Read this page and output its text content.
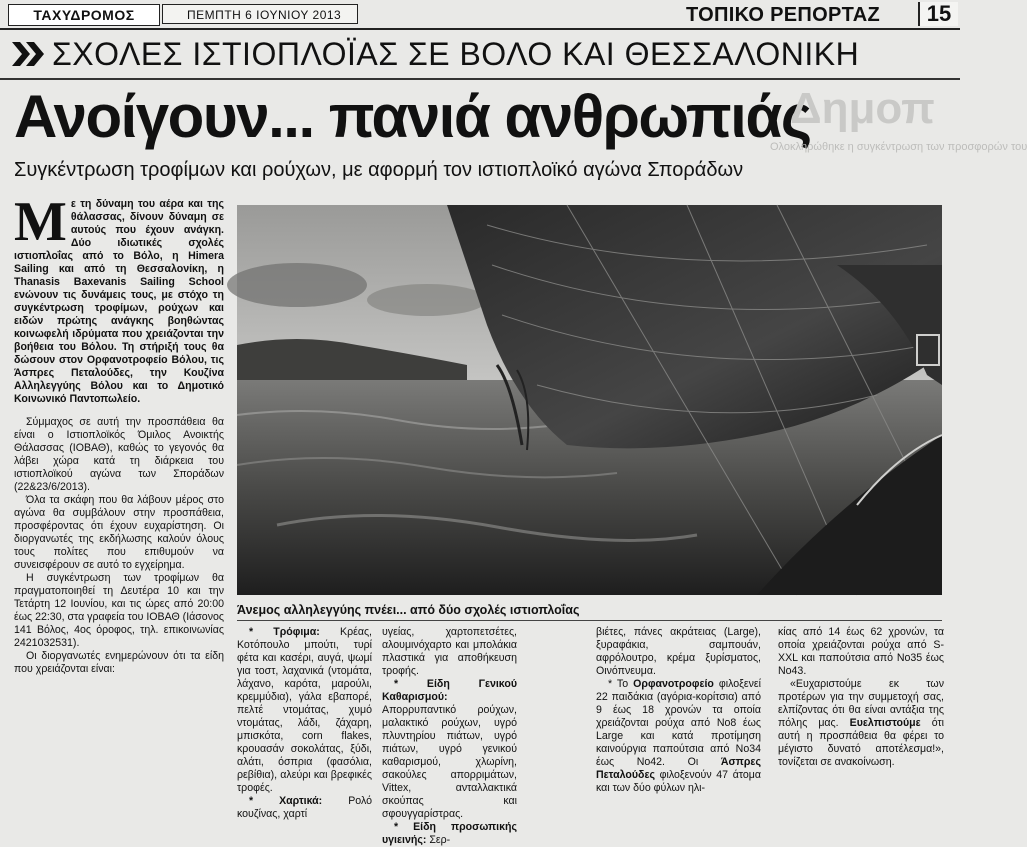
ΤΑΧΥΔΡΟΜΟΣ	ΠΕΜΠΤΗ 6 ΙΟΥΝΙΟΥ 2013	ΤΟΠΙΚΟ ΡΕΠΟΡΤΑΖ	15
ΣΧΟΛΕΣ ΙΣΤΙΟΠΛΟΪΑΣ ΣΕ ΒΟΛΟ ΚΑΙ ΘΕΣΣΑΛΟΝΙΚΗ
Ανοίγουν... πανιά ανθρωπιάς
Δημοπ
Συγκέντρωση τροφίμων και ρούχων, με αφορμή τον ιστιοπλοϊκό αγώνα Σποράδων
Ολοκληρώθηκε η συγκέντρωση των προσφορών του

Με τη δύναμη του αέρα και της θάλασσας, δίνουν δύναμη σε αυτούς που έχουν ανάγκη. Δύο ιδιωτικές σχολές ιστιοπλοΐας από το Βόλο, η Himera Sailing και από τη Θεσσαλονίκη, η Thanasis Baxevanis Sailing School ενώνουν τις δυνάμεις τους, με στόχο τη συγκέντρωση τροφίμων, ρούχων και ειδών πρώτης ανάγκης βοηθώντας κοινωφελή ιδρύματα που χρειάζονται την βοήθεια του Βόλου. Τη στήριξή τους θα δώσουν στον Ορφανοτροφείο Βόλου, τις Άσπρες Πεταλούδες, την Κουζίνα Αλληλεγγύης Βόλου και το Δημοτικό Κοινωνικό Παντοπωλείο.

Σύμμαχος σε αυτή την προσπάθεια θα είναι ο Ιστιοπλοϊκός Όμιλος Ανοικτής Θάλασσας (ΙΟΒΑΘ), καθώς το γεγονός θα λάβει χώρα κατά τη διάρκεια του ιστιοπλοϊκού αγώνα των Σποράδων (22&23/6/2013).

Όλα τα σκάφη που θα λάβουν μέρος στο αγώνα θα συμβάλουν στην προσπάθεια, προσφέροντας ότι έχουν ευχαρίστηση. Οι διοργανωτές της εκδήλωσης καλούν όλους τους πολίτες που επιθυμούν να συνεισφέρουν σε αυτό το εγχείρημα.

Η συγκέντρωση των τροφίμων θα πραγματοποιηθεί τη Δευτέρα 10 και την Τετάρτη 12 Ιουνίου, και τις ώρες από 20:00 έως 22:30, στα γραφεία του ΙΟΒΑΘ (Ιάσονος 141 Βόλος, 4ος όροφος, τηλ. επικοινωνίας 2421032531).

Οι διοργανωτές ενημερώνουν ότι τα είδη που χρειάζονται είναι:

Άνεμος αλληλεγγύης πνέει... από δύο σχολές ιστιοπλοΐας

* Τρόφιμα: Κρέας, Κοτόπουλο μπούτι, τυρί φέτα και κασέρι, αυγά, ψωμί για τοστ, λαχανικά (ντομάτα, λάχανο, καρότα, μαρούλι, κρεμμύδια), γάλα εβαπορέ, πελτέ ντομάτας, χυμό ντομάτας, λάδι, ζάχαρη, μπισκότα, corn flakes, κρουασάν σοκολάτας, ξύδι, αλάτι, όσπρια (φασόλια, ρεβίθια), αλεύρι και βρεφικές τροφές.

* Χαρτικά: Ρολό κουζίνας, χαρτί

υγείας, χαρτοπετσέτες, αλουμινόχαρτο και μπολάκια πλαστικά για αποθήκευση τροφής.

* Είδη Γενικού Καθαρισμού: Απορρυπαντικό ρούχων, μαλακτικό ρούχων, υγρό πλυντηρίου πιάτων, υγρό πιάτων, υγρό γενικού καθαρισμού, χλωρίνη, σακούλες απορριμάτων, Vittex, ανταλλακτικά σκούπας και σφουγγαρίστρας.

* Είδη προσωπικής υγιεινής: Σερ-

βιέτες, πάνες ακράτειας (Large), ξυραφάκια, σαμπουάν, αφρόλουτρο, κρέμα ξυρίσματος, Οινόπνευμα.

* Το Ορφανοτροφείο φιλοξενεί 22 παιδάκια (αγόρια-κορίτσια) από 9 έως 18 χρονών τα οποία χρειάζονται ρούχα από No8 έως Large και κατά προτίμηση καινούργια παπούτσια από No34 έως No42. Οι Άσπρες Πεταλούδες φιλοξενούν 47 άτομα και των δύο φύλων ηλι-

κίας από 14 έως 62 χρονών, τα οποία χρειάζονται ρούχα από S-XXL και παπούτσια από No35 έως No43.

«Ευχαριστούμε εκ των προτέρων για την συμμετοχή σας, ελπίζοντας ότι θα είναι αντάξια της πόλης μας. Ευελπιστούμε ότι αυτή η προσπάθεια θα φέρει το μέγιστο δυνατό αποτέλεσμα!», τονίζεται σε ανακοίνωση.
